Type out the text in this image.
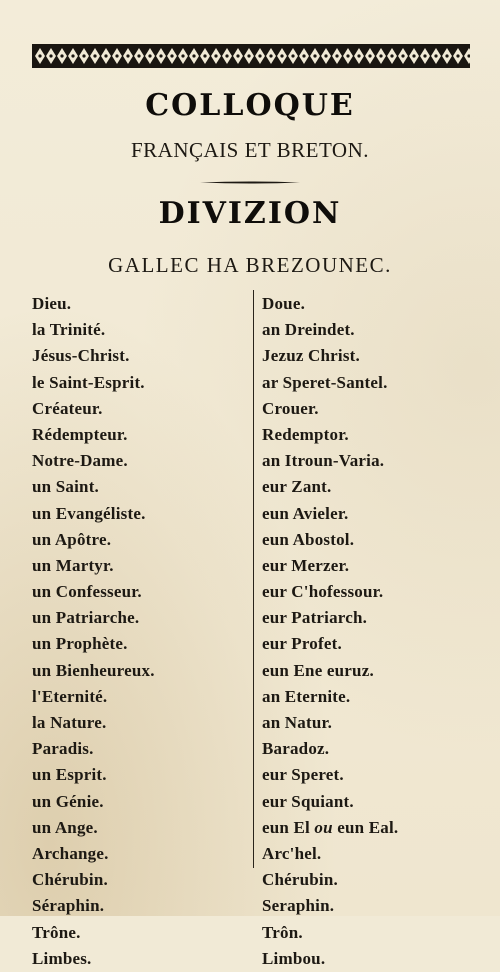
COLLOQUE
FRANÇAIS ET BRETON.
DIVIZION
GALLEC HA BREZOUNEC.
Dieu.
la Trinité.
Jésus-Christ.
le Saint-Esprit.
Créateur.
Rédempteur.
Notre-Dame.
un Saint.
un Evangéliste.
un Apôtre.
un Martyr.
un Confesseur.
un Patriarche.
un Prophète.
un Bienheureux.
l'Eternité.
la Nature.
Paradis.
un Esprit.
un Génie.
un Ange.
Archange.
Chérubin.
Séraphin.
Trône.
Limbes.
Doue.
an Dreindet.
Jezuz Christ.
ar Speret-Santel.
Crouer.
Redemptor.
an Itroun-Varia.
eur Zant.
eun Avieler.
eun Abostol.
eur Merzer.
eur C'hofessour.
eur Patriarch.
eur Profet.
eun Ene euruz.
an Eternite.
an Natur.
Baradoz.
eur Speret.
eur Squiant.
eun El ou eun Eal.
Arc'hel.
Chérubin.
Seraphin.
Trôn.
Limbou.
